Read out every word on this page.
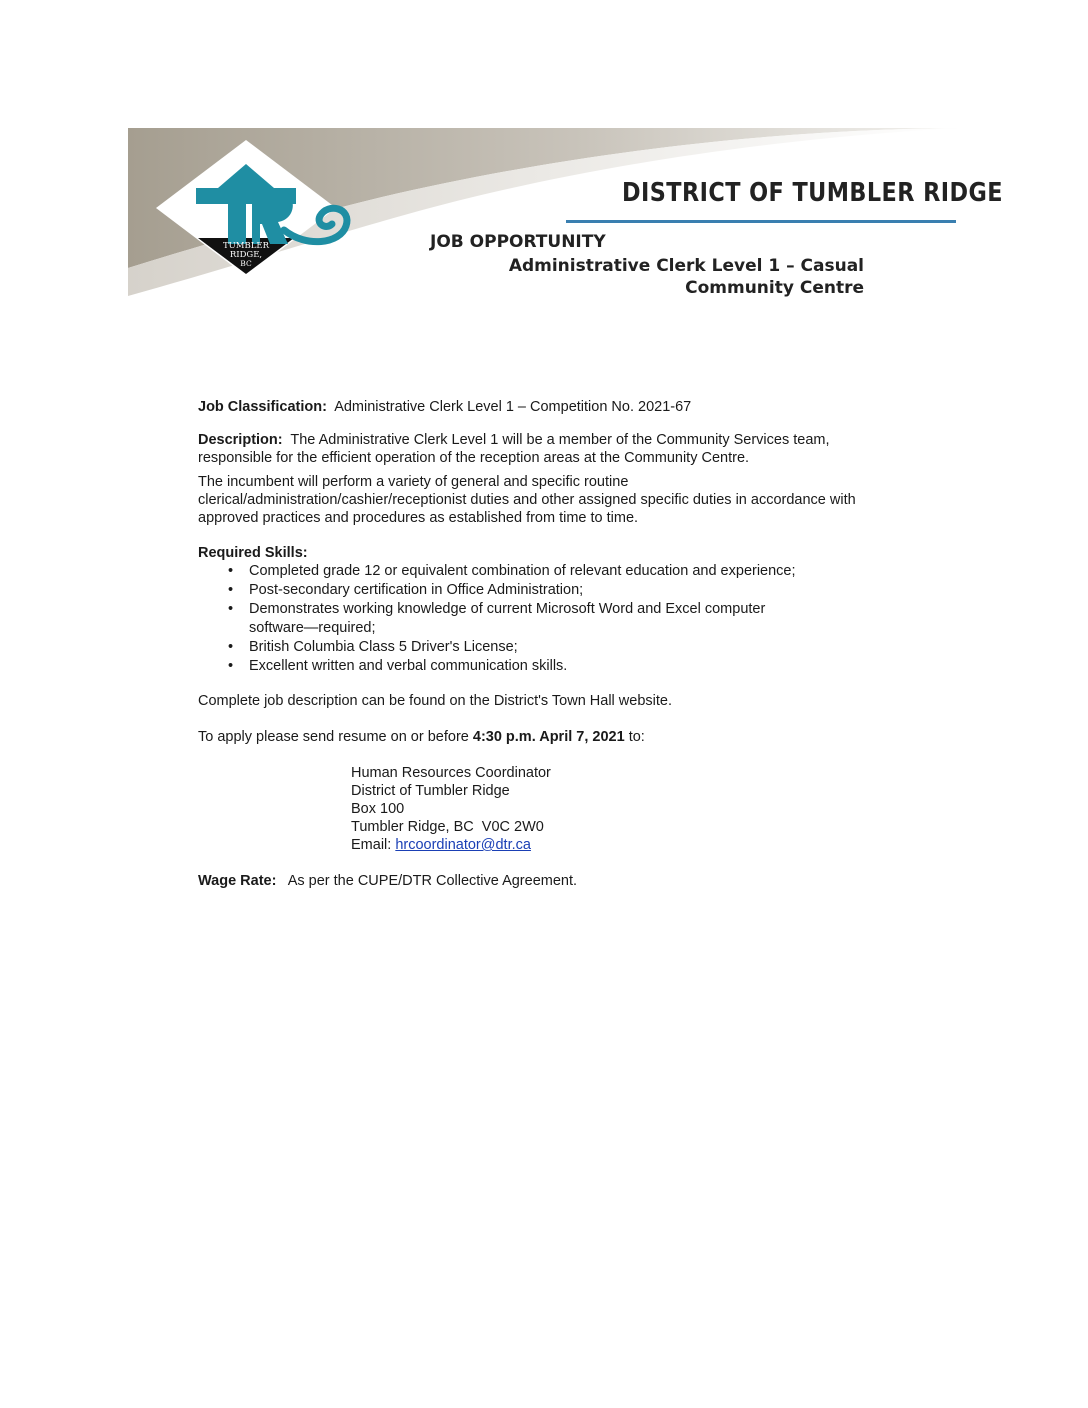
TUMBLER
RIDGE,
BC
DISTRICT OF TUMBLER RIDGE
JOB OPPORTUNITY
Administrative Clerk Level 1 – Casual
Community Centre

Job Classification: Administrative Clerk Level 1 – Competition No. 2021-67

Description: The Administrative Clerk Level 1 will be a member of the Community Services team, responsible for the efficient operation of the reception areas at the Community Centre.

The incumbent will perform a variety of general and specific routine clerical/administration/cashier/receptionist duties and other assigned specific duties in accordance with approved practices and procedures as established from time to time.

Required Skills:

• Completed grade 12 or equivalent combination of relevant education and experience;
• Post-secondary certification in Office Administration;
• Demonstrates working knowledge of current Microsoft Word and Excel computer software—required;
• British Columbia Class 5 Driver's License;
• Excellent written and verbal communication skills.

Complete job description can be found on the District's Town Hall website.

To apply please send resume on or before 4:30 p.m. April 7, 2021 to:

Human Resources Coordinator
District of Tumbler Ridge
Box 100
Tumbler Ridge, BC  V0C 2W0
Email: hrcoordinator@dtr.ca

Wage Rate: As per the CUPE/DTR Collective Agreement.
